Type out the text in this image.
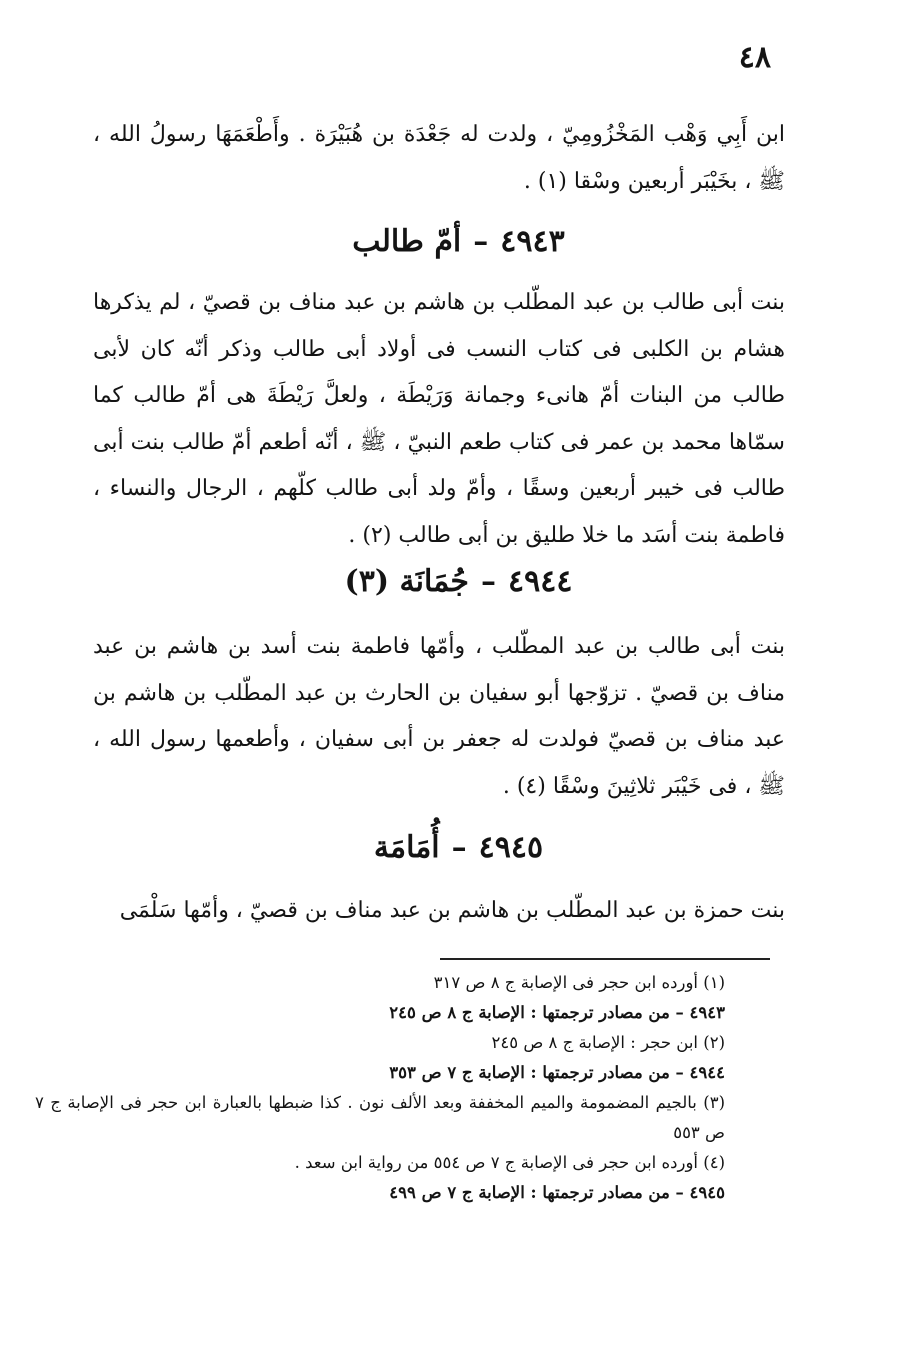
٤٨

ابن أَبِي وَهْب المَخْزُومِيّ ، ولدت له جَعْدَة بن هُبَيْرَة . وأَطْعَمَهَا رسولُ الله ، ﷺ ، بخَيْبَر أربعين وسْقا (١) .

٤٩٤٣–أمّ طالب

بنت أبى طالب بن عبد المطّلب بن هاشم بن عبد مناف بن قصيّ ، لم يذكرها هشام بن الكلبى فى كتاب النسب فى أولاد أبى طالب وذكر أنّه كان لأبى طالب من البنات أمّ هانىء وجمانة وَرَيْطَة ، ولعلَّ رَيْطَةَ هى أمّ طالب كما سمّاها محمد بن عمر فى كتاب طعم النبيّ ، ﷺ ، أنّه أطعم أمّ طالب بنت أبى طالب فى خيبر أربعين وسقًا ، وأمّ ولد أبى طالب كلّهم ، الرجال والنساء ، فاطمة بنت أسَد ما خلا طليق بن أبى طالب (٢) .

٤٩٤٤–جُمَانَة (٣)

بنت أبى طالب بن عبد المطّلب ، وأمّها فاطمة بنت أسد بن هاشم بن عبد مناف بن قصيّ . تزوّجها أبو سفيان بن الحارث بن عبد المطّلب بن هاشم بن عبد مناف بن قصيّ فولدت له جعفر بن أبى سفيان ، وأطعمها رسول الله ، ﷺ ، فى خَيْبَر ثلاثِينَ وسْقًا (٤) .

٤٩٤٥–أُمَامَة

بنت حمزة بن عبد المطّلب بن هاشم بن عبد مناف بن قصيّ ، وأمّها سَلْمَى

(١) أورده ابن حجر فى الإصابة ج ٨ ص ٣١٧

٤٩٤٣ – من مصادر ترجمتها : الإصابة ج ٨ ص ٢٤٥

(٢) ابن حجر : الإصابة ج ٨ ص ٢٤٥

٤٩٤٤ – من مصادر ترجمتها : الإصابة ج ٧ ص ٣٥٣

(٣) بالجيم المضمومة والميم المخففة وبعد الألف نون . كذا ضبطها بالعبارة ابن حجر فى الإصابة ج ٧ ص ٥٥٣

(٤) أورده ابن حجر فى الإصابة ج ٧ ص ٥٥٤ من رواية ابن سعد .

٤٩٤٥ – من مصادر ترجمتها : الإصابة ج ٧ ص ٤٩٩
